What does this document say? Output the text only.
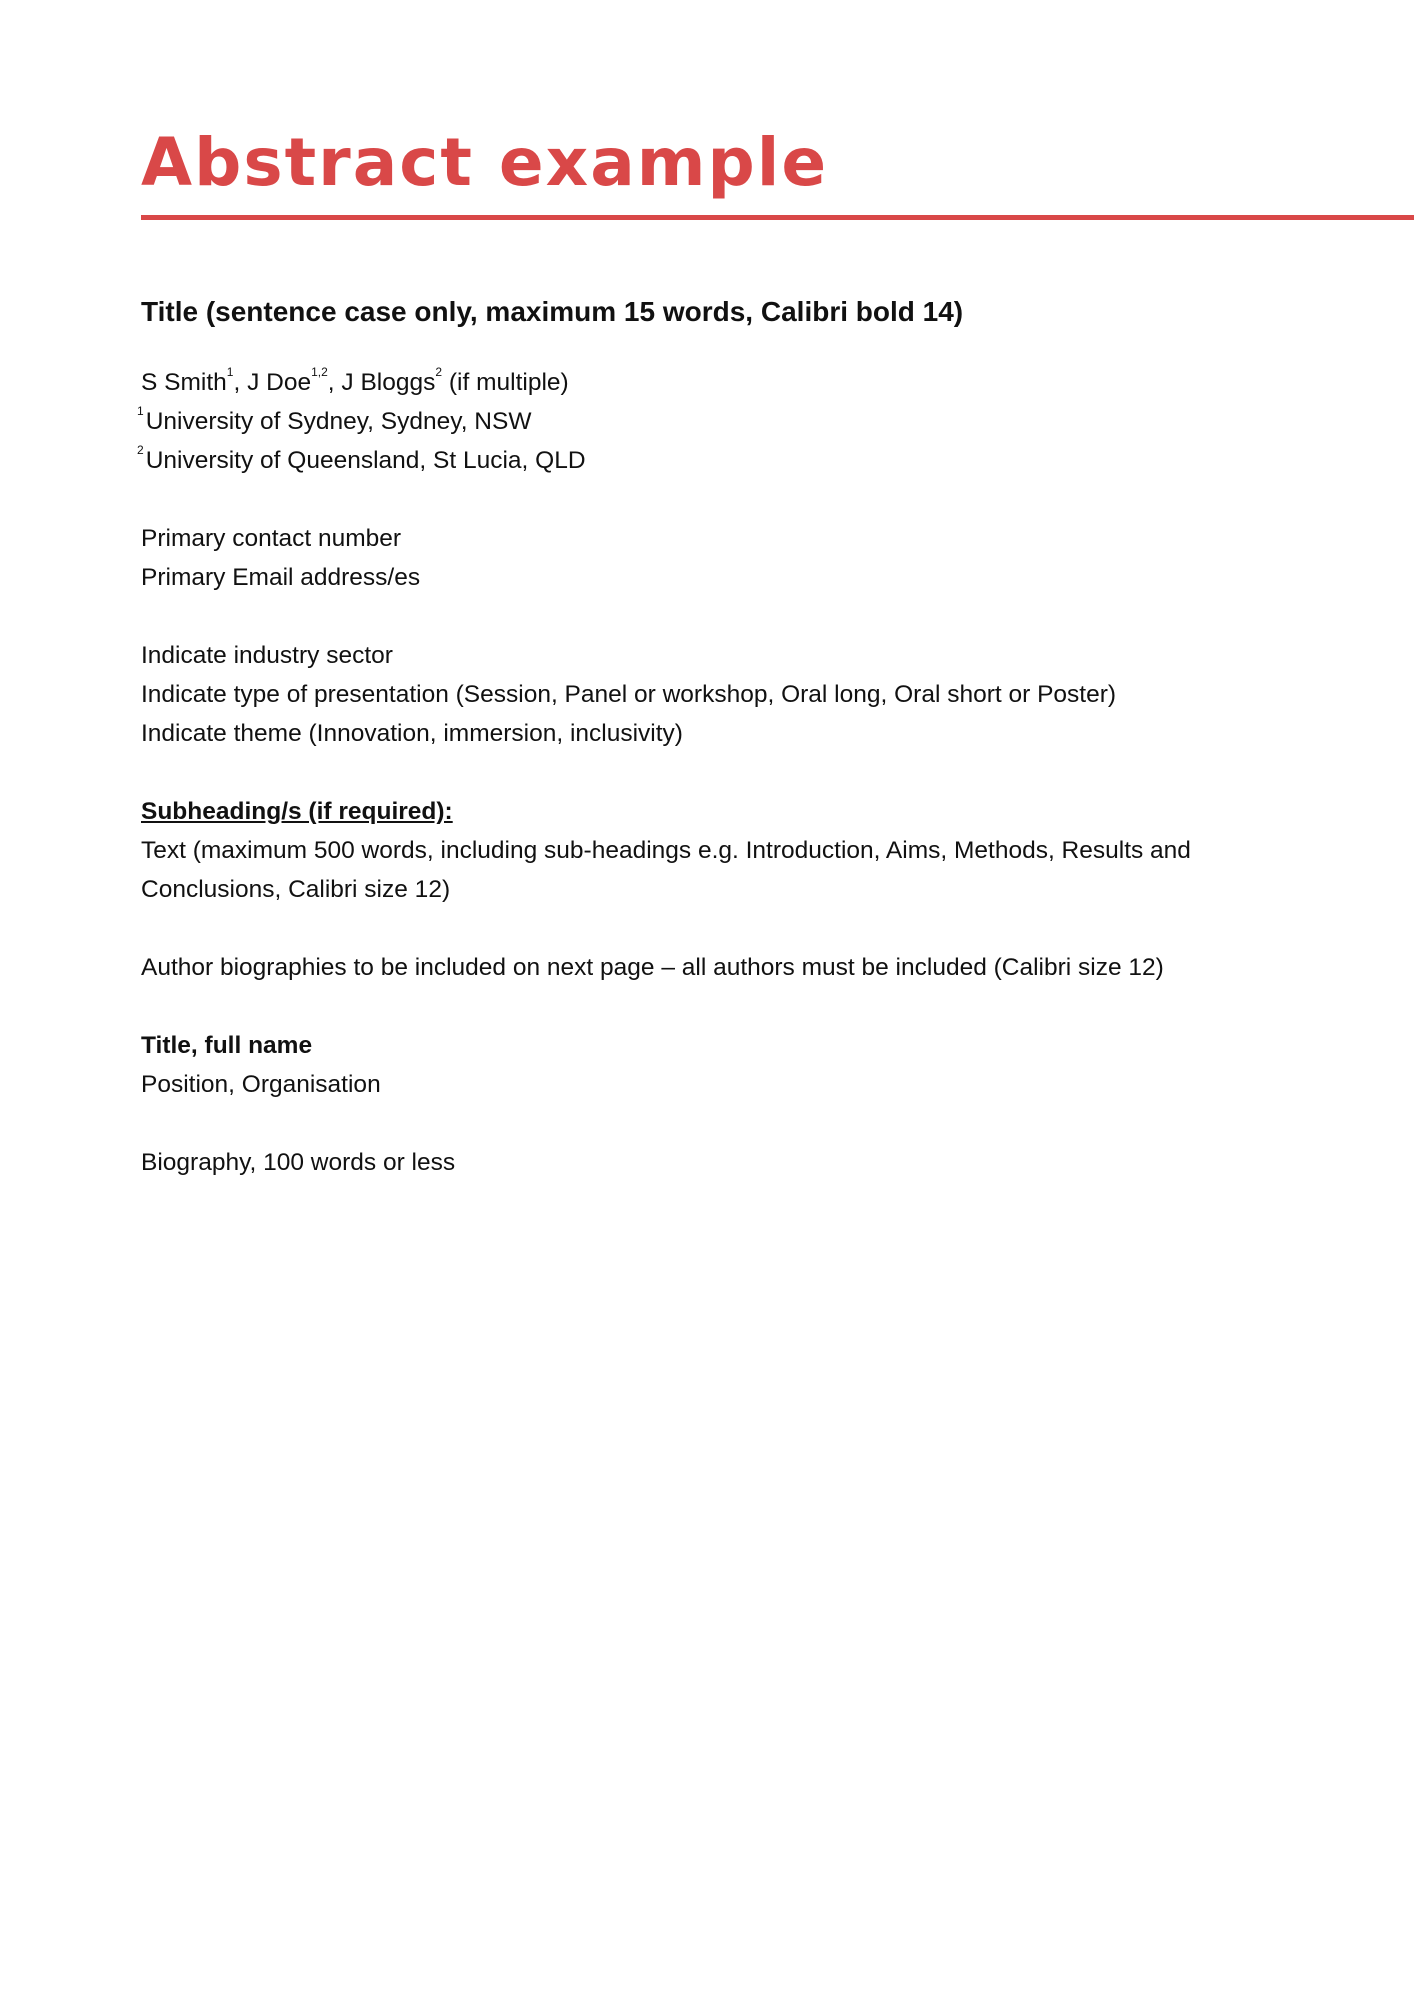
Abstract example

Title (sentence case only, maximum 15 words, Calibri bold 14)

S Smith$^1$, J Doe$^{1,2}$, J Bloggs$^2$ (if multiple)

$^1$University of Sydney, Sydney, NSW

$^2$University of Queensland, St Lucia, QLD

Primary contact number

Primary Email address/es

Indicate industry sector

Indicate type of presentation (Session, Panel or workshop, Oral long, Oral short or Poster)

Indicate theme (Innovation, immersion, inclusivity)

Subheading/s (if required):

Text (maximum 500 words, including sub-headings e.g. Introduction, Aims, Methods, Results and Conclusions, Calibri size 12)

Author biographies to be included on next page – all authors must be included (Calibri size 12)

Title, full name

Position, Organisation

Biography, 100 words or less
